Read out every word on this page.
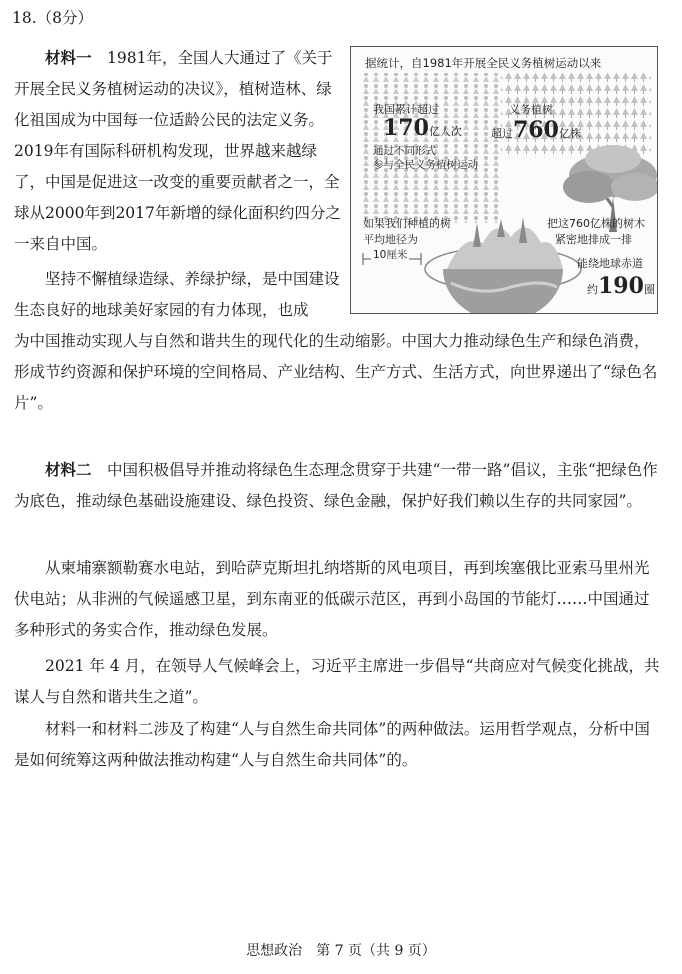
18.（8分）

材料一　 1981年，全国人大通过了《关于开展全民义务植树运动的决议》，植树造林、绿化祖国成为中国每一位适龄公民的法定义务。2019年有国际科研机构发现，世界越来越绿了，中国是促进这一改变的重要贡献者之一，全球从2000年到2017年新增的绿化面积约四分之一来自中国。

坚持不懈植绿造绿、养绿护绿，是中国建设生态良好的地球美好家园的有力体现，也成

为中国推动实现人与自然和谐共生的现代化的生动缩影。中国大力推动绿色生产和绿色消费，形成节约资源和保护环境的空间格局、产业结构、生产方式、生活方式，向世界递出了“绿色名片”。

据统计，自1981年开展全民义务植树运动以来
我国累计超过
170亿人次
通过不同形式
参与全民义务植树运动
义务植树
超过760亿株
如果我们种植的树
平均地径为
10厘米
把这760亿株的树木
紧密地排成一排
能绕地球赤道
约190圈

材料二　 中国积极倡导并推动将绿色生态理念贯穿于共建“一带一路”倡议，主张“把绿色作为底色，推动绿色基础设施建设、绿色投资、绿色金融，保护好我们赖以生存的共同家园”。

从柬埔寨额勒赛水电站，到哈萨克斯坦扎纳塔斯的风电项目，再到埃塞俄比亚索马里州光伏电站；从非洲的气候遥感卫星，到东南亚的低碳示范区，再到小岛国的节能灯……中国通过多种形式的务实合作，推动绿色发展。

2021 年 4 月，在领导人气候峰会上，习近平主席进一步倡导“共商应对气候变化挑战，共谋人与自然和谐共生之道”。

材料一和材料二涉及了构建“人与自然生命共同体”的两种做法。运用哲学观点，分析中国是如何统筹这两种做法推动构建“人与自然生命共同体”的。

思想政治　第 7 页（共 9 页）
